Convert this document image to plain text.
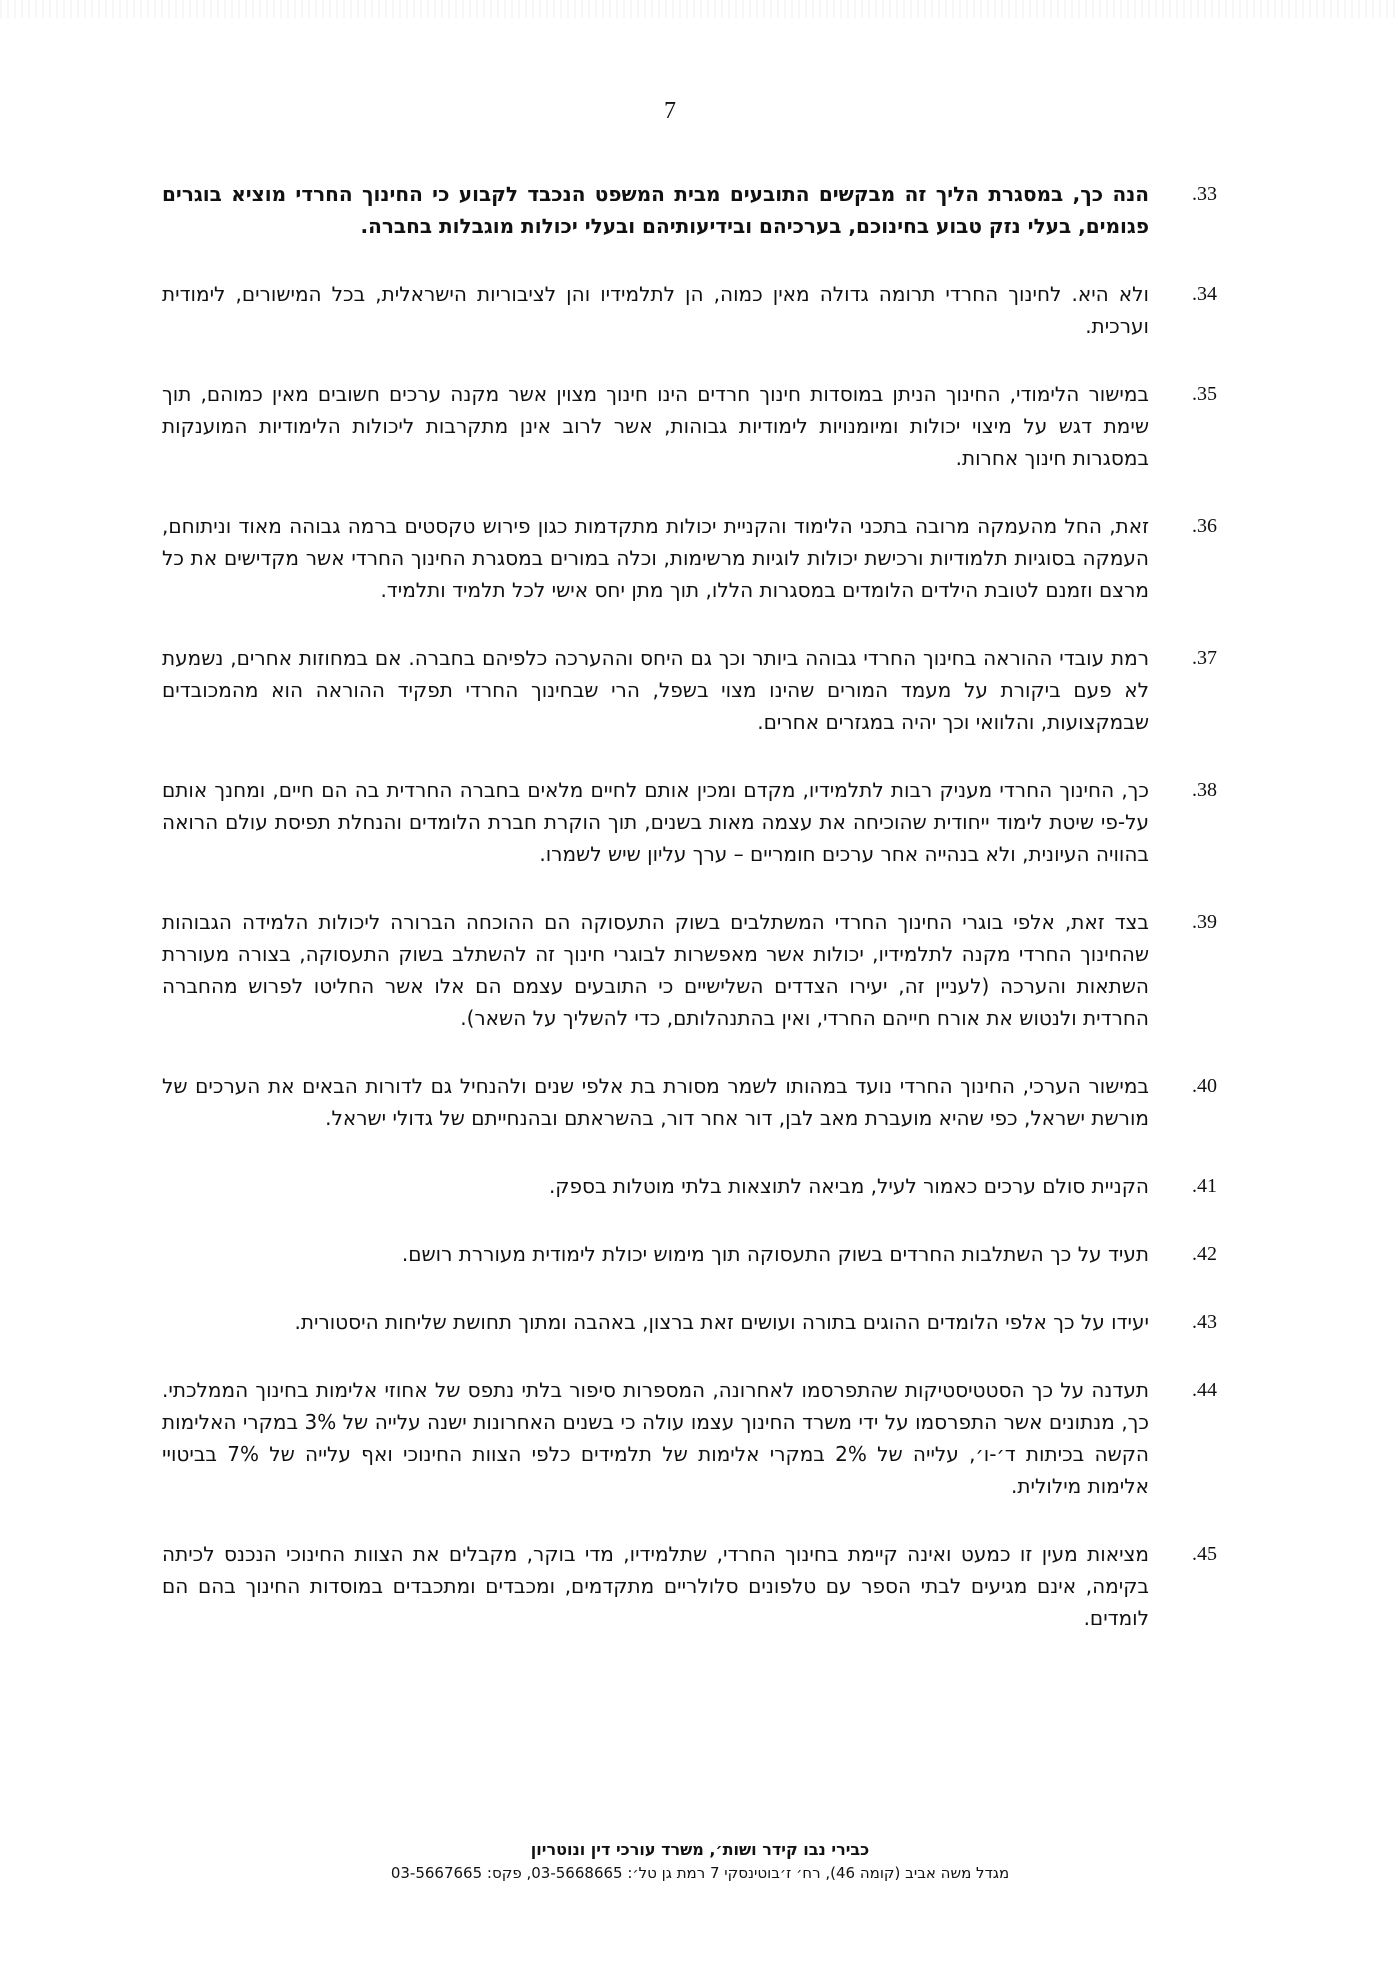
7
.33
הנה כך, במסגרת הליך זה מבקשים התובעים מבית המשפט הנכבד לקבוע כי החינוך החרדי מוציא בוגרים פגומים, בעלי נזק טבוע בחינוכם, בערכיהם ובידיעותיהם ובעלי יכולות מוגבלות בחברה.
.34
ולא היא. לחינוך החרדי תרומה גדולה מאין כמוה, הן לתלמידיו והן לציבוריות הישראלית, בכל המישורים, לימודית וערכית.
.35
במישור הלימודי, החינוך הניתן במוסדות חינוך חרדים הינו חינוך מצוין אשר מקנה ערכים חשובים מאין כמוהם, תוך שימת דגש על מיצוי יכולות ומיומנויות לימודיות גבוהות, אשר לרוב אינן מתקרבות ליכולות הלימודיות המוענקות במסגרות חינוך אחרות.
.36
זאת, החל מהעמקה מרובה בתכני הלימוד והקניית יכולות מתקדמות כגון פירוש טקסטים ברמה גבוהה מאוד וניתוחם, העמקה בסוגיות תלמודיות ורכישת יכולות לוגיות מרשימות, וכלה במורים במסגרת החינוך החרדי אשר מקדישים את כל מרצם וזמנם לטובת הילדים הלומדים במסגרות הללו, תוך מתן יחס אישי לכל תלמיד ותלמיד.
.37
רמת עובדי ההוראה בחינוך החרדי גבוהה ביותר וכך גם היחס וההערכה כלפיהם בחברה. אם במחוזות אחרים, נשמעת לא פעם ביקורת על מעמד המורים שהינו מצוי בשפל, הרי שבחינוך החרדי תפקיד ההוראה הוא מהמכובדים שבמקצועות, והלוואי וכך יהיה במגזרים אחרים.
.38
כך, החינוך החרדי מעניק רבות לתלמידיו, מקדם ומכין אותם לחיים מלאים בחברה החרדית בה הם חיים, ומחנך אותם על-פי שיטת לימוד ייחודית שהוכיחה את עצמה מאות בשנים, תוך הוקרת חברת הלומדים והנחלת תפיסת עולם הרואה בהוויה העיונית, ולא בנהייה אחר ערכים חומריים – ערך עליון שיש לשמרו.
.39
בצד זאת, אלפי בוגרי החינוך החרדי המשתלבים בשוק התעסוקה הם ההוכחה הברורה ליכולות הלמידה הגבוהות שהחינוך החרדי מקנה לתלמידיו, יכולות אשר מאפשרות לבוגרי חינוך זה להשתלב בשוק התעסוקה, בצורה מעוררת השתאות והערכה (לעניין זה, יעירו הצדדים השלישיים כי התובעים עצמם הם אלו אשר החליטו לפרוש מהחברה החרדית ולנטוש את אורח חייהם החרדי, ואין בהתנהלותם, כדי להשליך על השאר).
.40
במישור הערכי, החינוך החרדי נועד במהותו לשמר מסורת בת אלפי שנים ולהנחיל גם לדורות הבאים את הערכים של מורשת ישראל, כפי שהיא מועברת מאב לבן, דור אחר דור, בהשראתם ובהנחייתם של גדולי ישראל.
.41
הקניית סולם ערכים כאמור לעיל, מביאה לתוצאות בלתי מוטלות בספק.
.42
תעיד על כך השתלבות החרדים בשוק התעסוקה תוך מימוש יכולת לימודית מעוררת רושם.
.43
יעידו על כך אלפי הלומדים ההוגים בתורה ועושים זאת ברצון, באהבה ומתוך תחושת שליחות היסטורית.
.44
תעדנה על כך הסטטיסטיקות שהתפרסמו לאחרונה, המספרות סיפור בלתי נתפס של אחוזי אלימות בחינוך הממלכתי. כך, מנתונים אשר התפרסמו על ידי משרד החינוך עצמו עולה כי בשנים האחרונות ישנה עלייה של 3% במקרי האלימות הקשה בכיתות ד׳-ו׳, עלייה של 2% במקרי אלימות של תלמידים כלפי הצוות החינוכי ואף עלייה של 7% בביטויי אלימות מילולית.
.45
מציאות מעין זו כמעט ואינה קיימת בחינוך החרדי, שתלמידיו, מדי בוקר, מקבלים את הצוות החינוכי הנכנס לכיתה בקימה, אינם מגיעים לבתי הספר עם טלפונים סלולריים מתקדמים, ומכבדים ומתכבדים במוסדות החינוך בהם הם לומדים.
כבירי נבו קידר ושות׳, משרד עורכי דין ונוטריון
מגדל משה אביב (קומה 46), רח׳ ז׳בוטינסקי 7 רמת גן טל׳: 03-5668665, פקס: 03-5667665
